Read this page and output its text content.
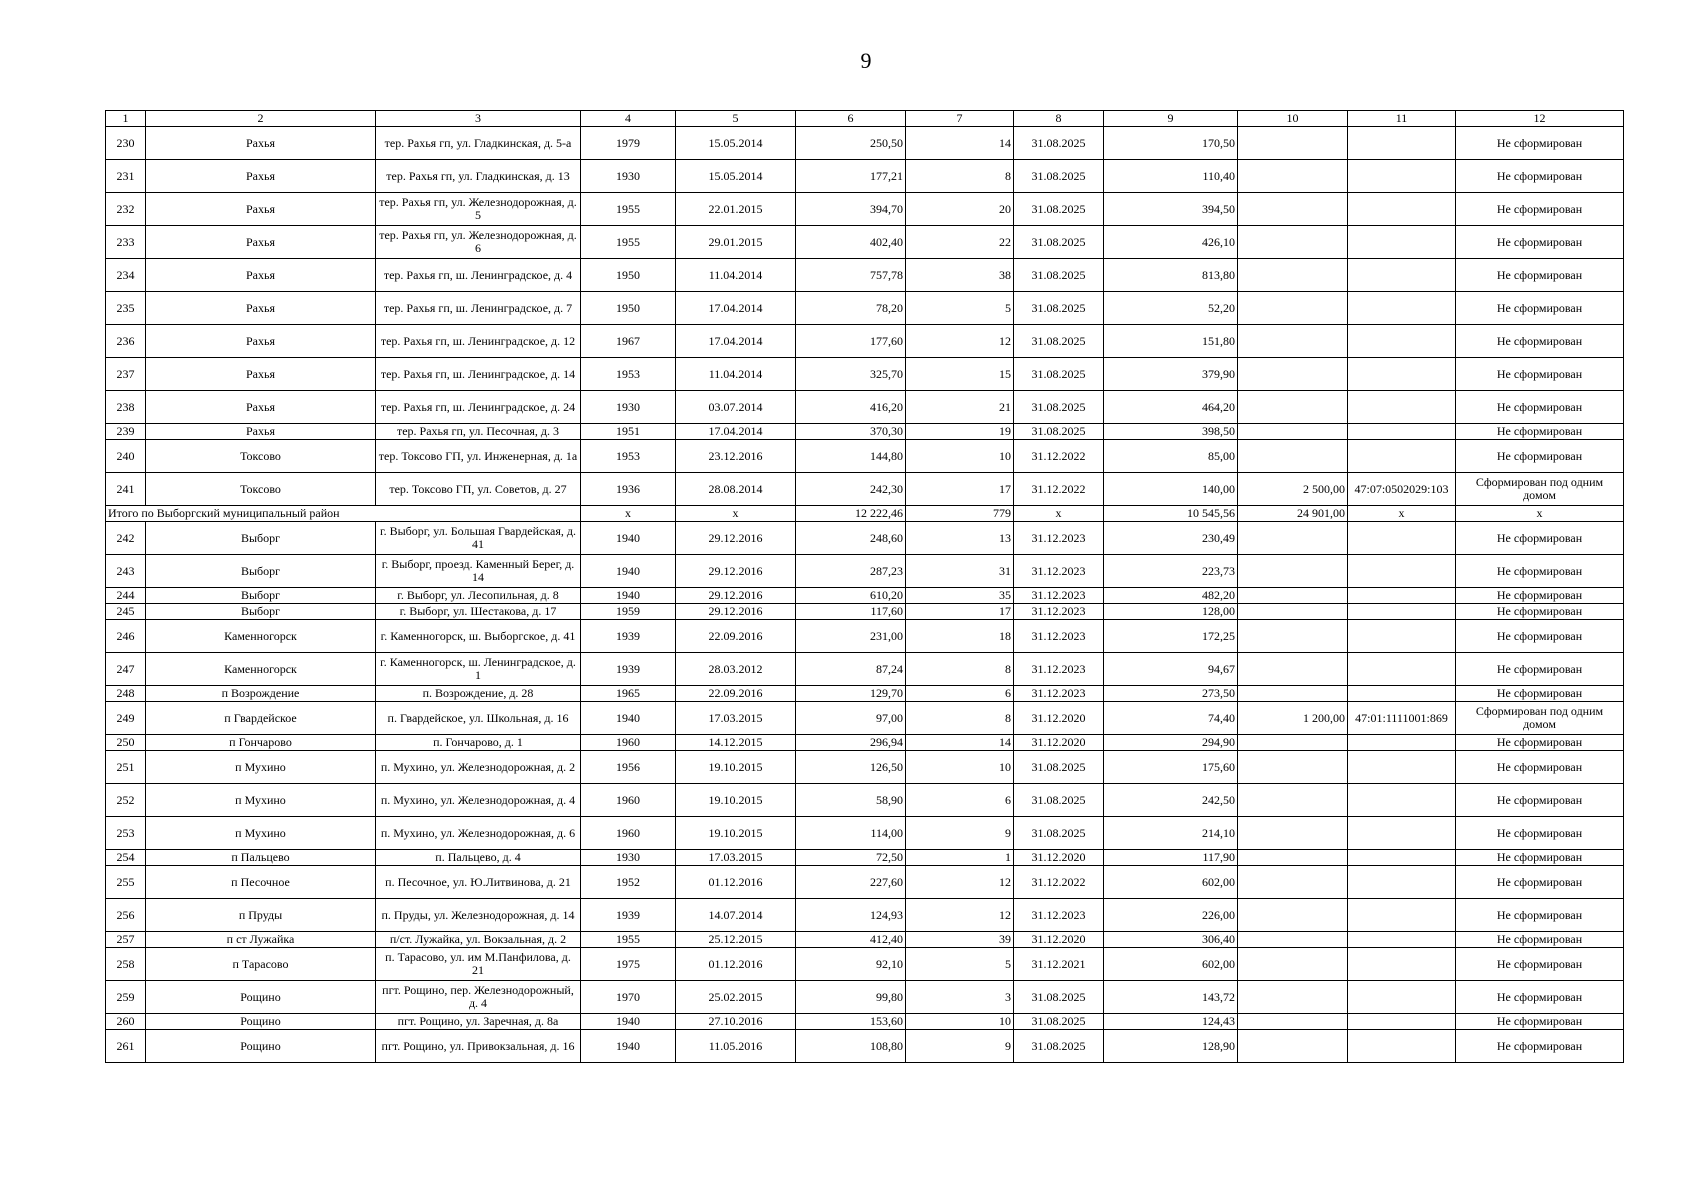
9
1	2	3	4	5	6	7	8	9	10	11	12
230	Рахья	тер. Рахья гп, ул. Гладкинская, д. 5-а	1979	15.05.2014	250,50	14	31.08.2025	170,50			Не сформирован
231	Рахья	тер. Рахья гп, ул. Гладкинская, д. 13	1930	15.05.2014	177,21	8	31.08.2025	110,40			Не сформирован
232	Рахья	тер. Рахья гп, ул. Железнодорожная, д. 5	1955	22.01.2015	394,70	20	31.08.2025	394,50			Не сформирован
233	Рахья	тер. Рахья гп, ул. Железнодорожная, д. 6	1955	29.01.2015	402,40	22	31.08.2025	426,10			Не сформирован
234	Рахья	тер. Рахья гп, ш. Ленинградское, д. 4	1950	11.04.2014	757,78	38	31.08.2025	813,80			Не сформирован
235	Рахья	тер. Рахья гп, ш. Ленинградское, д. 7	1950	17.04.2014	78,20	5	31.08.2025	52,20			Не сформирован
236	Рахья	тер. Рахья гп, ш. Ленинградское, д. 12	1967	17.04.2014	177,60	12	31.08.2025	151,80			Не сформирован
237	Рахья	тер. Рахья гп, ш. Ленинградское, д. 14	1953	11.04.2014	325,70	15	31.08.2025	379,90			Не сформирован
238	Рахья	тер. Рахья гп, ш. Ленинградское, д. 24	1930	03.07.2014	416,20	21	31.08.2025	464,20			Не сформирован
239	Рахья	тер. Рахья гп, ул. Песочная, д. 3	1951	17.04.2014	370,30	19	31.08.2025	398,50			Не сформирован
240	Токсово	тер. Токсово ГП, ул. Инженерная, д. 1а	1953	23.12.2016	144,80	10	31.12.2022	85,00			Не сформирован
241	Токсово	тер. Токсово ГП, ул. Советов, д. 27	1936	28.08.2014	242,30	17	31.12.2022	140,00	2 500,00	47:07:0502029:103	Сформирован под одним домом
Итого по Выборгский муниципальный район			x	x	12 222,46	779	x	10 545,56	24 901,00	x	x
242	Выборг	г. Выборг, ул. Большая Гвардейская, д. 41	1940	29.12.2016	248,60	13	31.12.2023	230,49			Не сформирован
243	Выборг	г. Выборг, проезд. Каменный Берег, д. 14	1940	29.12.2016	287,23	31	31.12.2023	223,73			Не сформирован
244	Выборг	г. Выборг, ул. Лесопильная, д. 8	1940	29.12.2016	610,20	35	31.12.2023	482,20			Не сформирован
245	Выборг	г. Выборг, ул. Шестакова, д. 17	1959	29.12.2016	117,60	17	31.12.2023	128,00			Не сформирован
246	Каменногорск	г. Каменногорск, ш. Выборгское, д. 41	1939	22.09.2016	231,00	18	31.12.2023	172,25			Не сформирован
247	Каменногорск	г. Каменногорск, ш. Ленинградское, д. 1	1939	28.03.2012	87,24	8	31.12.2023	94,67			Не сформирован
248	п Возрождение	п. Возрождение, д. 28	1965	22.09.2016	129,70	6	31.12.2023	273,50			Не сформирован
249	п Гвардейское	п. Гвардейское, ул. Школьная, д. 16	1940	17.03.2015	97,00	8	31.12.2020	74,40	1 200,00	47:01:1111001:869	Сформирован под одним домом
250	п Гончарово	п. Гончарово, д. 1	1960	14.12.2015	296,94	14	31.12.2020	294,90			Не сформирован
251	п Мухино	п. Мухино, ул. Железнодорожная, д. 2	1956	19.10.2015	126,50	10	31.08.2025	175,60			Не сформирован
252	п Мухино	п. Мухино, ул. Железнодорожная, д. 4	1960	19.10.2015	58,90	6	31.08.2025	242,50			Не сформирован
253	п Мухино	п. Мухино, ул. Железнодорожная, д. 6	1960	19.10.2015	114,00	9	31.08.2025	214,10			Не сформирован
254	п Пальцево	п. Пальцево, д. 4	1930	17.03.2015	72,50	1	31.12.2020	117,90			Не сформирован
255	п Песочное	п. Песочное, ул. Ю.Литвинова, д. 21	1952	01.12.2016	227,60	12	31.12.2022	602,00			Не сформирован
256	п Пруды	п. Пруды, ул. Железнодорожная, д. 14	1939	14.07.2014	124,93	12	31.12.2023	226,00			Не сформирован
257	п ст Лужайка	п/ст. Лужайка, ул. Вокзальная, д. 2	1955	25.12.2015	412,40	39	31.12.2020	306,40			Не сформирован
258	п Тарасово	п. Тарасово, ул. им М.Панфилова, д. 21	1975	01.12.2016	92,10	5	31.12.2021	602,00			Не сформирован
259	Рощино	пгт. Рощино, пер. Железнодорожный, д. 4	1970	25.02.2015	99,80	3	31.08.2025	143,72			Не сформирован
260	Рощино	пгт. Рощино, ул. Заречная, д. 8а	1940	27.10.2016	153,60	10	31.08.2025	124,43			Не сформирован
261	Рощино	пгт. Рощино, ул. Привокзальная, д. 16	1940	11.05.2016	108,80	9	31.08.2025	128,90			Не сформирован
